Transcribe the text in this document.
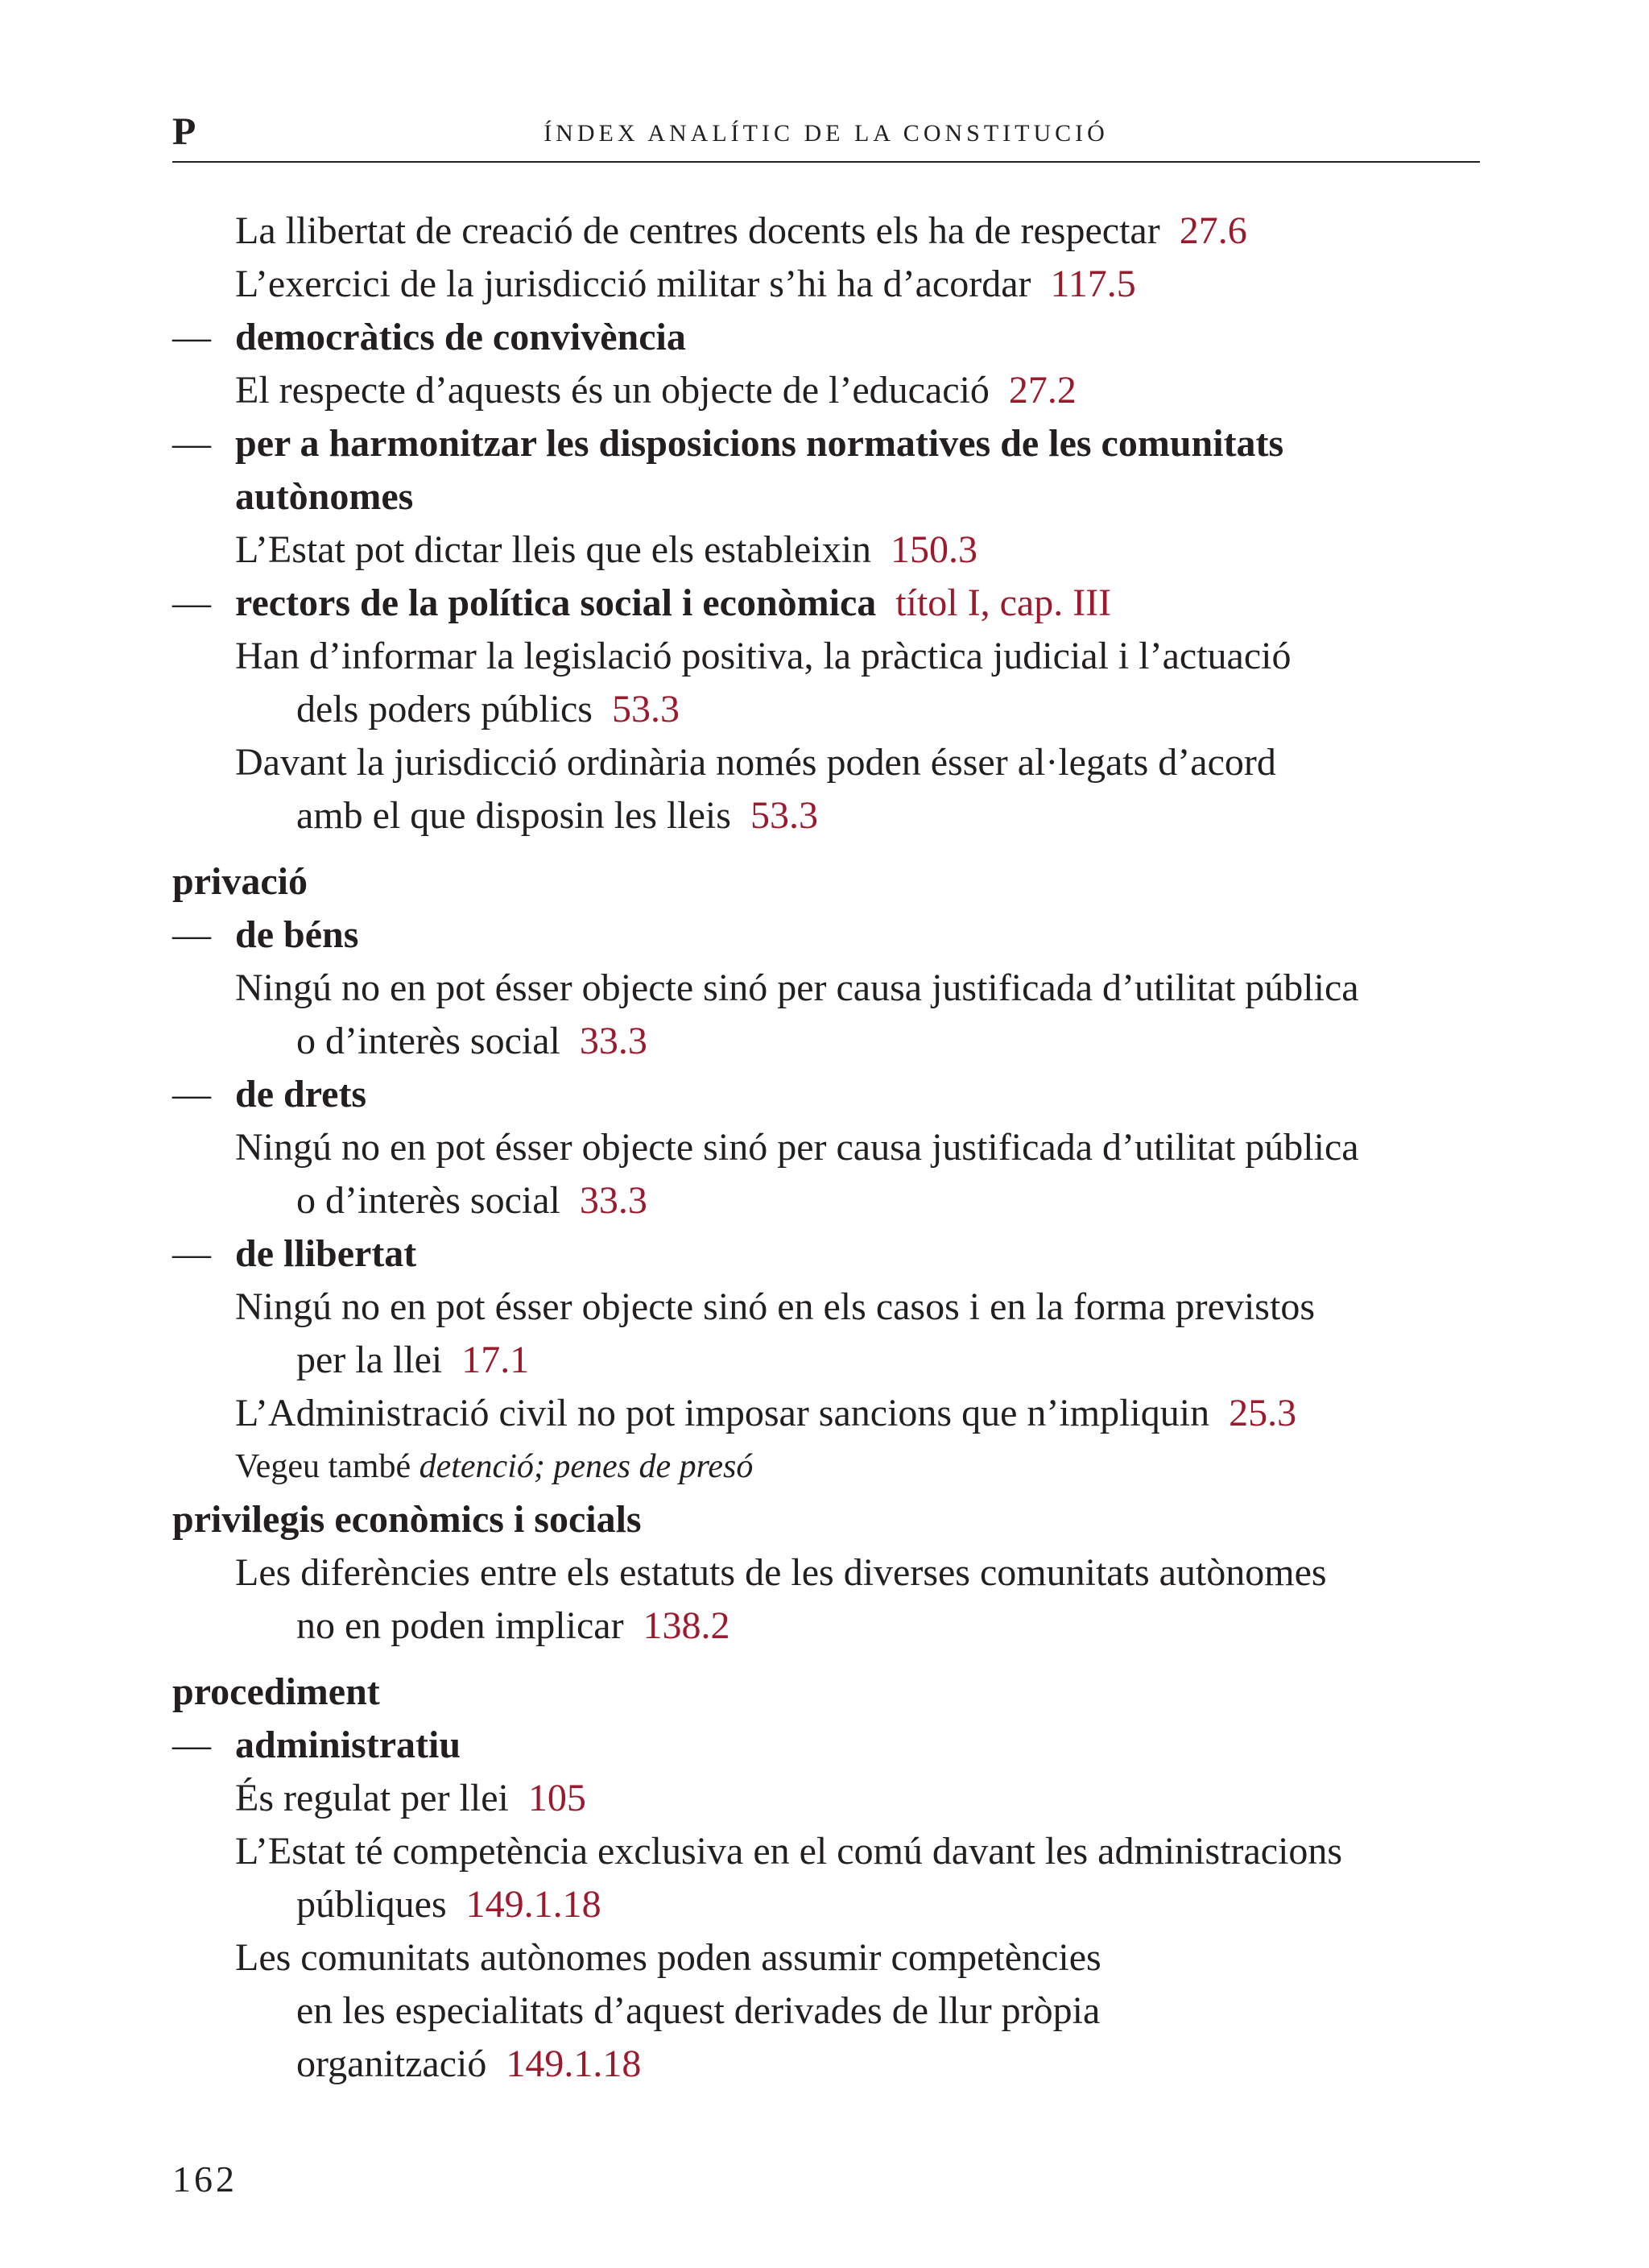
P	ÍNDEX ANALÍTIC DE LA CONSTITUCIÓ
La llibertat de creació de centres docents els ha de respectar 27.6
L’exercici de la jurisdicció militar s’hi ha d’acordar 117.5
— democràtics de convivència
El respecte d’aquests és un objecte de l’educació 27.2
— per a harmonitzar les disposicions normatives de les comunitats
autònomes
L’Estat pot dictar lleis que els estableixin 150.3
— rectors de la política social i econòmica títol I, cap. III
Han d’informar la legislació positiva, la pràctica judicial i l’actuació
dels poders públics 53.3
Davant la jurisdicció ordinària només poden ésser al·legats d’acord
amb el que disposin les lleis 53.3
privació
— de béns
Ningú no en pot ésser objecte sinó per causa justificada d’utilitat pública
o d’interès social 33.3
— de drets
Ningú no en pot ésser objecte sinó per causa justificada d’utilitat pública
o d’interès social 33.3
— de llibertat
Ningú no en pot ésser objecte sinó en els casos i en la forma previstos
per la llei 17.1
L’Administració civil no pot imposar sancions que n’impliquin 25.3
Vegeu també detenció; penes de presó
privilegis econòmics i socials
Les diferències entre els estatuts de les diverses comunitats autònomes
no en poden implicar 138.2
procediment
— administratiu
És regulat per llei 105
L’Estat té competència exclusiva en el comú davant les administracions
públiques 149.1.18
Les comunitats autònomes poden assumir competències
en les especialitats d’aquest derivades de llur pròpia
organització 149.1.18
162
